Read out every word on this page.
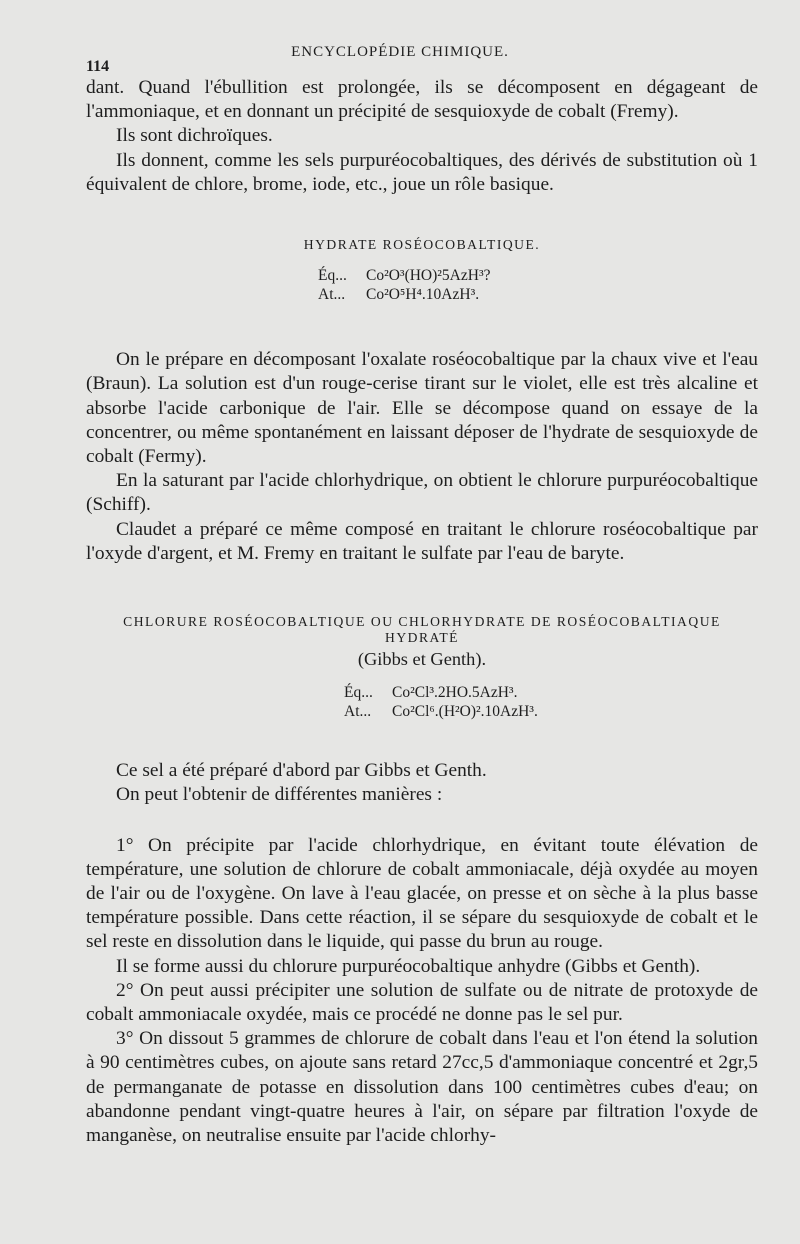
114
ENCYCLOPÉDIE CHIMIQUE.

dant. Quand l'ébullition est prolongée, ils se décomposent en dégageant de l'ammoniaque, et en donnant un précipité de sesquioxyde de cobalt (Fremy).

Ils sont dichroïques.

Ils donnent, comme les sels purpuréocobaltiques, des dérivés de substitution où 1 équivalent de chlore, brome, iode, etc., joue un rôle basique.

HYDRATE ROSÉOCOBALTIQUE.
Éq... Co²O³(HO)²5AzH³?
At... Co²O⁵H⁴.10AzH³.

On le prépare en décomposant l'oxalate roséocobaltique par la chaux vive et l'eau (Braun). La solution est d'un rouge-cerise tirant sur le violet, elle est très alcaline et absorbe l'acide carbonique de l'air. Elle se décompose quand on essaye de la concentrer, ou même spontanément en laissant déposer de l'hydrate de sesquioxyde de cobalt (Fermy).

En la saturant par l'acide chlorhydrique, on obtient le chlorure purpuréocobaltique (Schiff).

Claudet a préparé ce même composé en traitant le chlorure roséocobaltique par l'oxyde d'argent, et M. Fremy en traitant le sulfate par l'eau de baryte.

CHLORURE ROSÉOCOBALTIQUE OU CHLORHYDRATE DE ROSÉOCOBALTIAQUE HYDRATÉ
(Gibbs et Genth).
Éq... Co²Cl³.2HO.5AzH³.
At... Co²Cl⁶.(H²O)².10AzH³.

Ce sel a été préparé d'abord par Gibbs et Genth.

On peut l'obtenir de différentes manières :

1° On précipite par l'acide chlorhydrique, en évitant toute élévation de température, une solution de chlorure de cobalt ammoniacale, déjà oxydée au moyen de l'air ou de l'oxygène. On lave à l'eau glacée, on presse et on sèche à la plus basse température possible. Dans cette réaction, il se sépare du sesquioxyde de cobalt et le sel reste en dissolution dans le liquide, qui passe du brun au rouge.

Il se forme aussi du chlorure purpuréocobaltique anhydre (Gibbs et Genth).

2° On peut aussi précipiter une solution de sulfate ou de nitrate de protoxyde de cobalt ammoniacale oxydée, mais ce procédé ne donne pas le sel pur.

3° On dissout 5 grammes de chlorure de cobalt dans l'eau et l'on étend la solution à 90 centimètres cubes, on ajoute sans retard 27cc,5 d'ammoniaque concentré et 2gr,5 de permanganate de potasse en dissolution dans 100 centimètres cubes d'eau; on abandonne pendant vingt-quatre heures à l'air, on sépare par filtration l'oxyde de manganèse, on neutralise ensuite par l'acide chlorhy-
